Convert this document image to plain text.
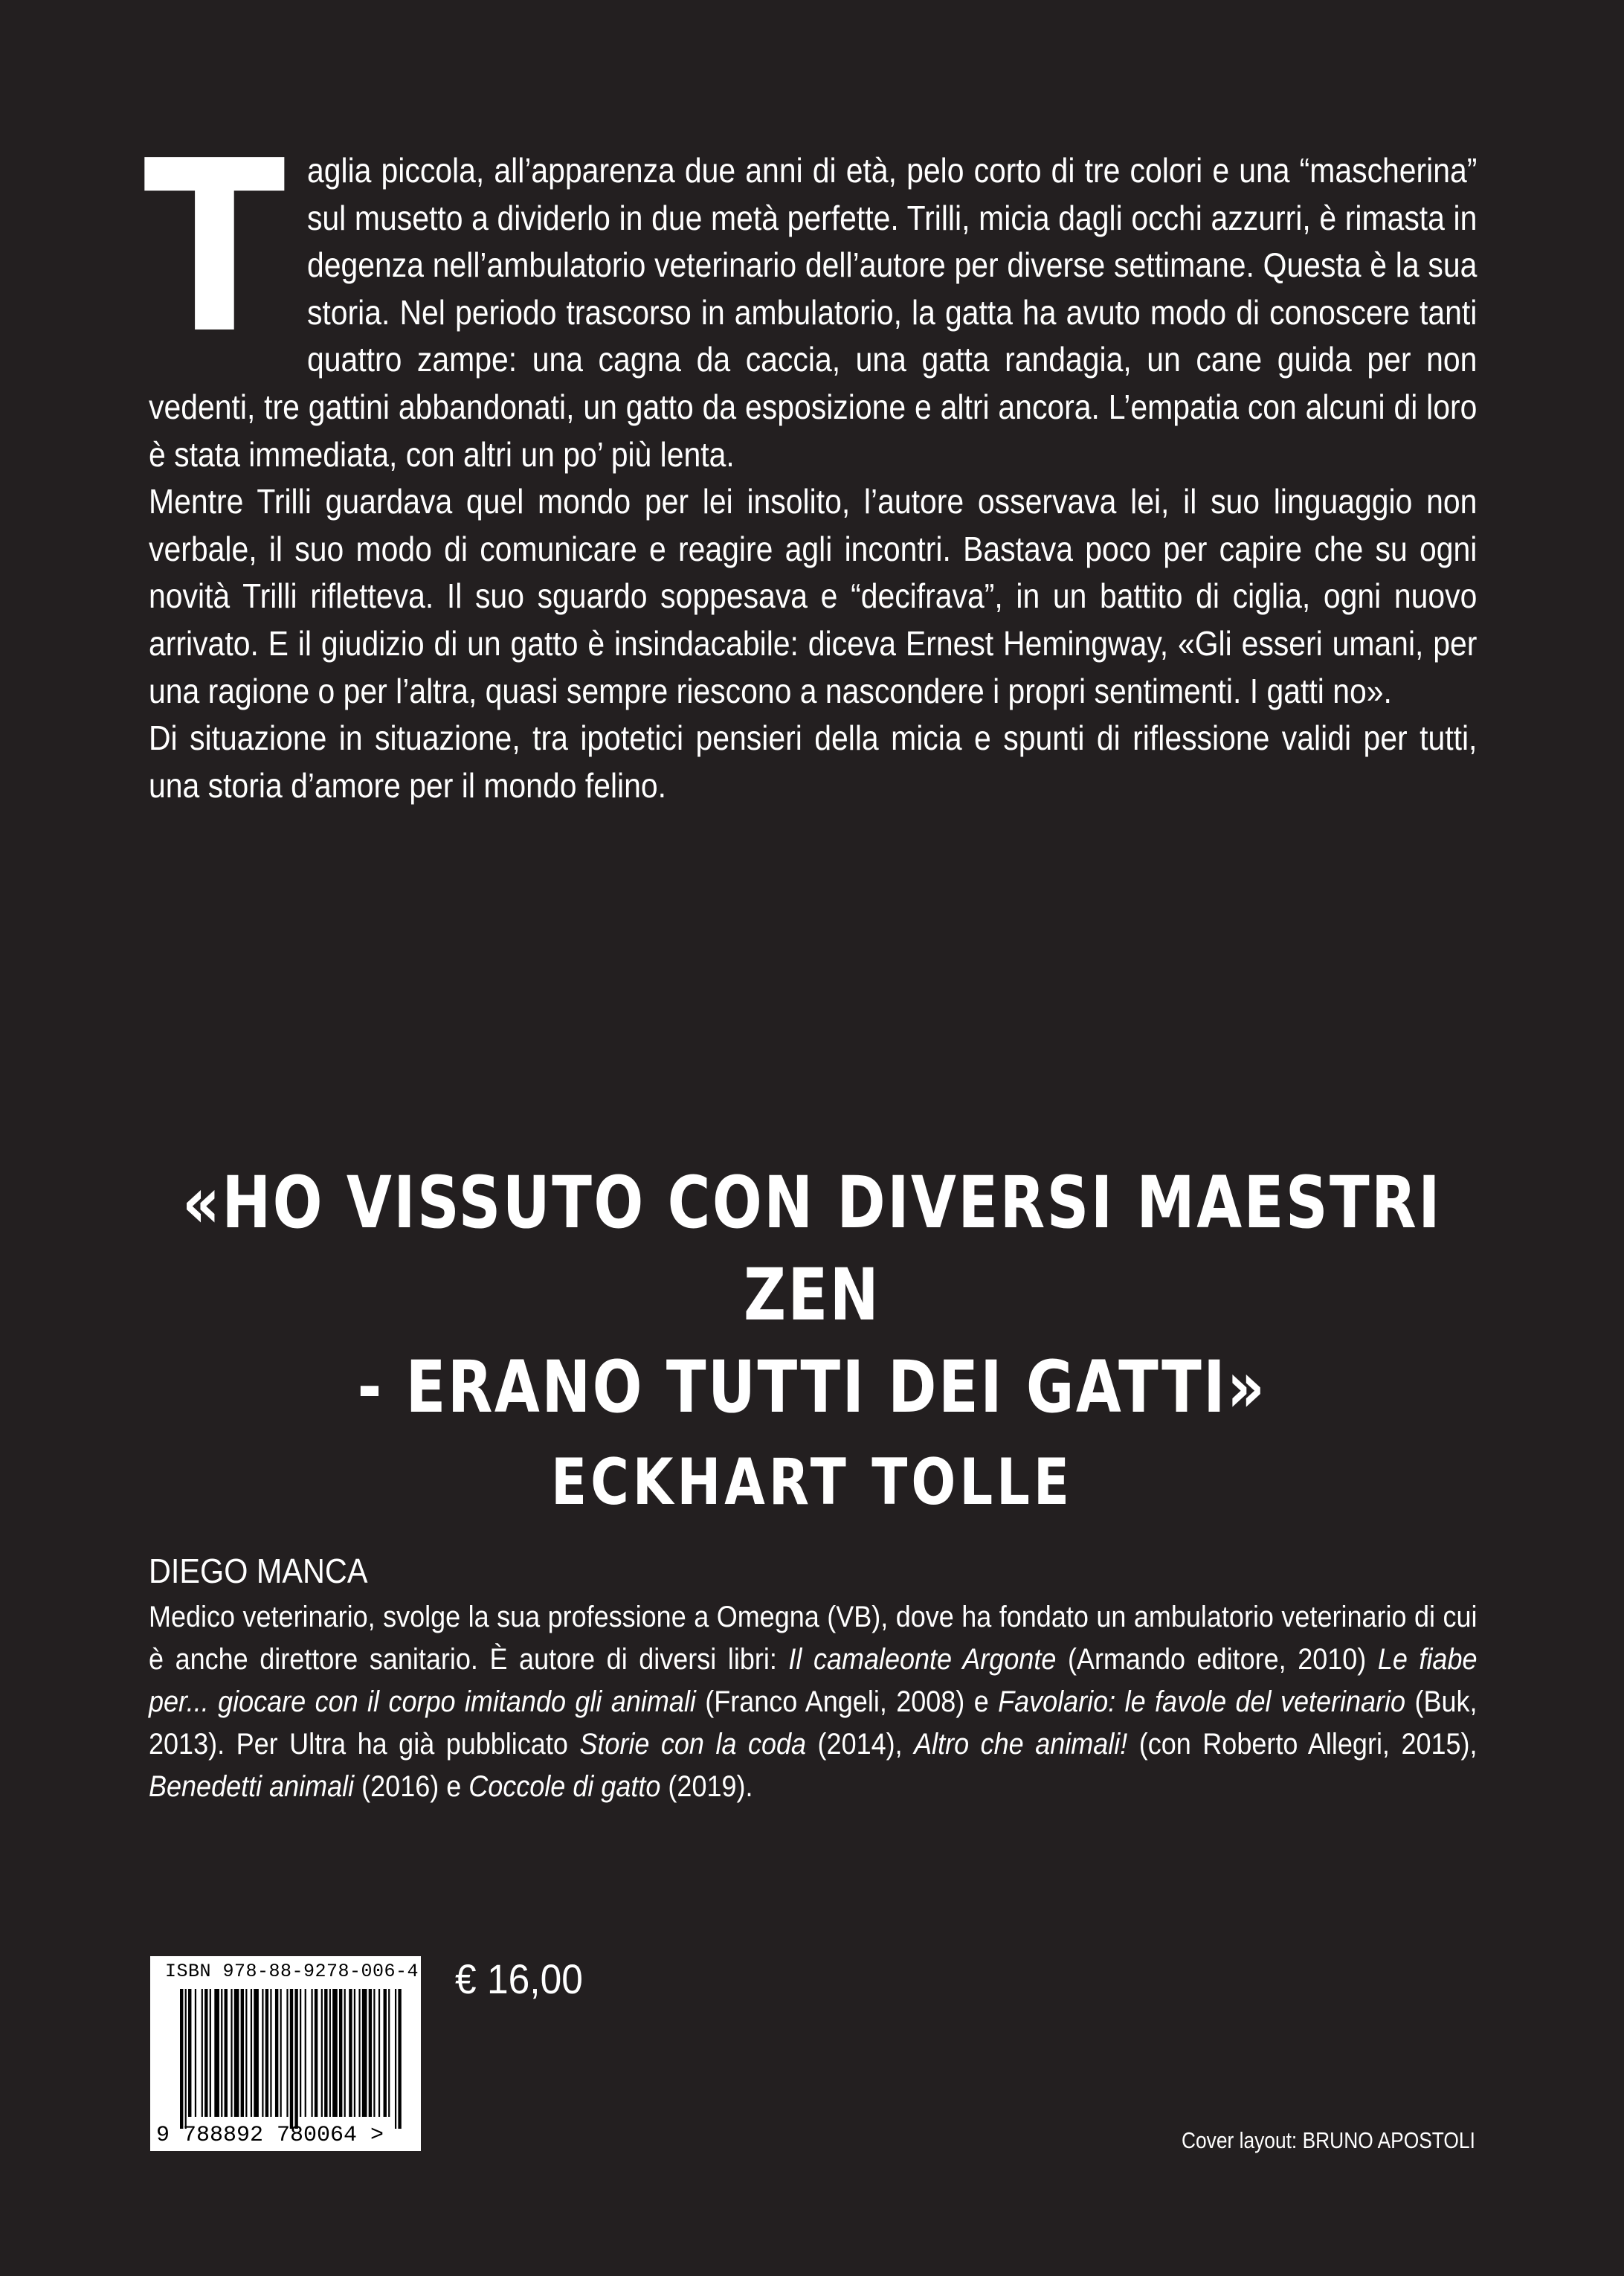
Taglia piccola, all’apparenza due anni di età, pelo corto di tre colori e una “mascherina” sul musetto a dividerlo in due metà perfette. Trilli, micia dagli occhi azzurri, è rimasta in degenza nell’ambulatorio veterinario dell’autore per diverse settimane. Questa è la sua storia. Nel periodo trascorso in ambulatorio, la gatta ha avuto modo di conoscere tanti quattro zampe: una cagna da caccia, una gatta randagia, un cane guida per non vedenti, tre gattini abbandonati, un gatto da esposizione e altri ancora. L’empatia con alcuni di loro è stata immediata, con altri un po’ più lenta.

Mentre Trilli guardava quel mondo per lei insolito, l’autore osservava lei, il suo linguaggio non verbale, il suo modo di comunicare e reagire agli incontri. Bastava poco per capire che su ogni novità Trilli rifletteva. Il suo sguardo soppesava e “decifrava”, in un battito di ciglia, ogni nuovo arrivato. E il giudizio di un gatto è insindacabile: diceva Ernest Hemingway, «Gli esseri umani, per una ragione o per l’altra, quasi sempre riescono a nascondere i propri sentimenti. I gatti no».

Di situazione in situazione, tra ipotetici pensieri della micia e spunti di riflessione validi per tutti, una storia d’amore per il mondo felino.

«HO VISSUTO CON DIVERSI MAESTRI ZEN
- ERANO TUTTI DEI GATTI»
ECKHART TOLLE
DIEGO MANCA
Medico veterinario, svolge la sua professione a Omegna (VB), dove ha fondato un ambulatorio veterinario di cui è anche direttore sanitario. È autore di diversi libri: Il camaleonte Argonte (Armando editore, 2010) Le fiabe per... giocare con il corpo imitando gli animali (Franco Angeli, 2008) e Favolario: le favole del veterinario (Buk, 2013). Per Ultra ha già pubblicato Storie con la coda (2014), Altro che animali! (con Roberto Allegri, 2015), Benedetti animali (2016) e Coccole di gatto (2019).
ISBN 978-88-9278-006-4
9 788892 780064 >
€ 16,00
Cover layout: BRUNO APOSTOLI
